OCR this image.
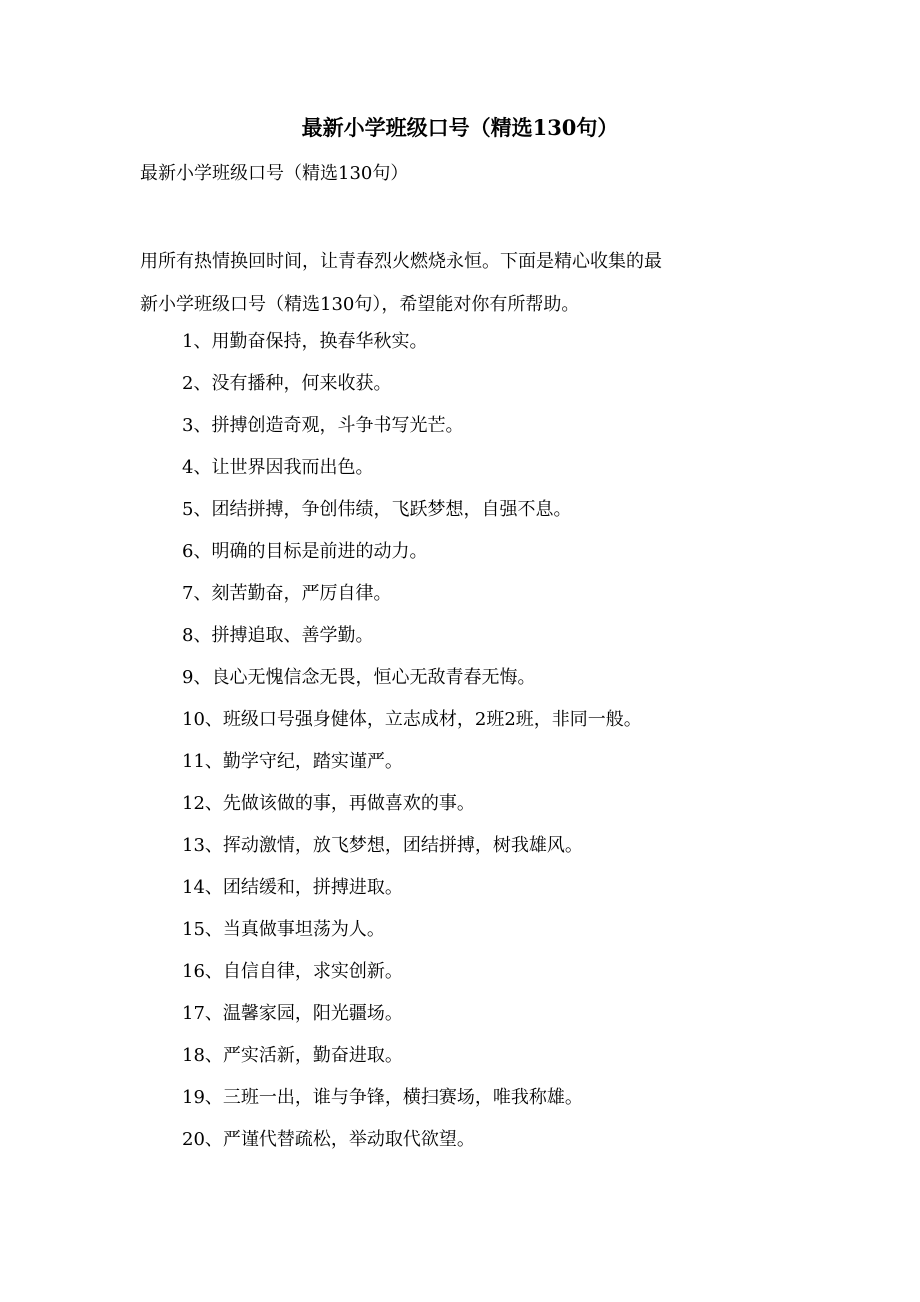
最新小学班级口号（精选130句）
最新小学班级口号（精选130句）
用所有热情换回时间，让青春烈火燃烧永恒。下面是精心收集的最
新小学班级口号（精选130句），希望能对你有所帮助。
1、用勤奋保持，换春华秋实。
2、没有播种，何来收获。
3、拼搏创造奇观，斗争书写光芒。
4、让世界因我而出色。
5、团结拼搏，争创伟绩，飞跃梦想，自强不息。
6、明确的目标是前进的动力。
7、刻苦勤奋，严厉自律。
8、拼搏追取、善学勤。
9、良心无愧信念无畏，恒心无敌青春无悔。
10、班级口号强身健体，立志成材，2班2班，非同一般。
11、勤学守纪，踏实谨严。
12、先做该做的事，再做喜欢的事。
13、挥动激情，放飞梦想，团结拼搏，树我雄风。
14、团结缓和，拼搏进取。
15、当真做事坦荡为人。
16、自信自律，求实创新。
17、温馨家园，阳光疆场。
18、严实活新，勤奋进取。
19、三班一出，谁与争锋，横扫赛场，唯我称雄。
20、严谨代替疏松，举动取代欲望。
